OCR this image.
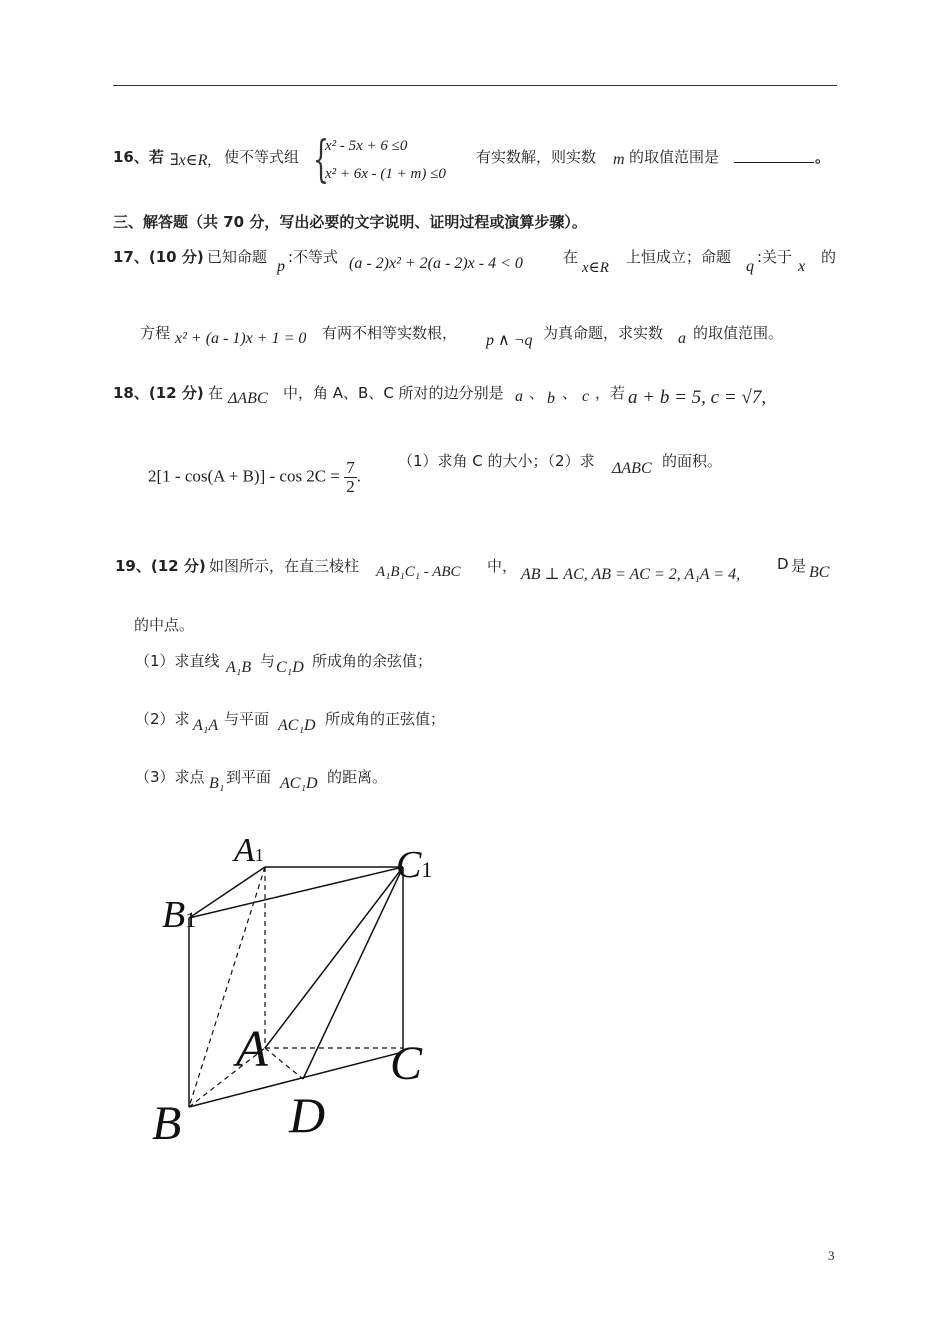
16、若 ∃x∈R, 使不等式组 {
x² - 5x + 6 ≤0
x² + 6x - (1 + m) ≤0
有实数解，则实数 m 的取值范围是	。
三、解答题（共 70 分，写出必要的文字说明、证明过程或演算步骤）。
17、(10 分) 已知命题
p
:不等式 (a - 2)x² + 2(a - 2)x - 4 < 0	在
x∈R
上恒成立；命题
q
:关于
x
的
方程 x² + (a - 1)x + 1 = 0 有两不相等实数根， p ∧ ¬q 为真命题，求实数 a 的取值范围。
18、(12 分) 在 ΔABC 中，角 A、B、C 所对的边分别是 a 、 b 、 c ，若 a + b = 5, c = √7,
$2[1 - \cos(A + B)] - \cos 2C = \frac{7}{2}$ .
（1）求角 C 的大小；（2）求 ΔABC 的面积。
19、(12 分) 如图所示，在直三棱柱 A₁B₁C₁ - ABC 中， AB ⊥ AC, AB = AC = 2, A₁A = 4,
D 是 BC
的中点。
（1）求直线 A₁B 与 C₁D 所成角的余弦值；
（2）求 A₁A 与平面 AC₁D 所成角的正弦值；
（3）求点 B₁ 到平面 AC₁D 的距离。
A1	C1
B1
A	C
B D
3
